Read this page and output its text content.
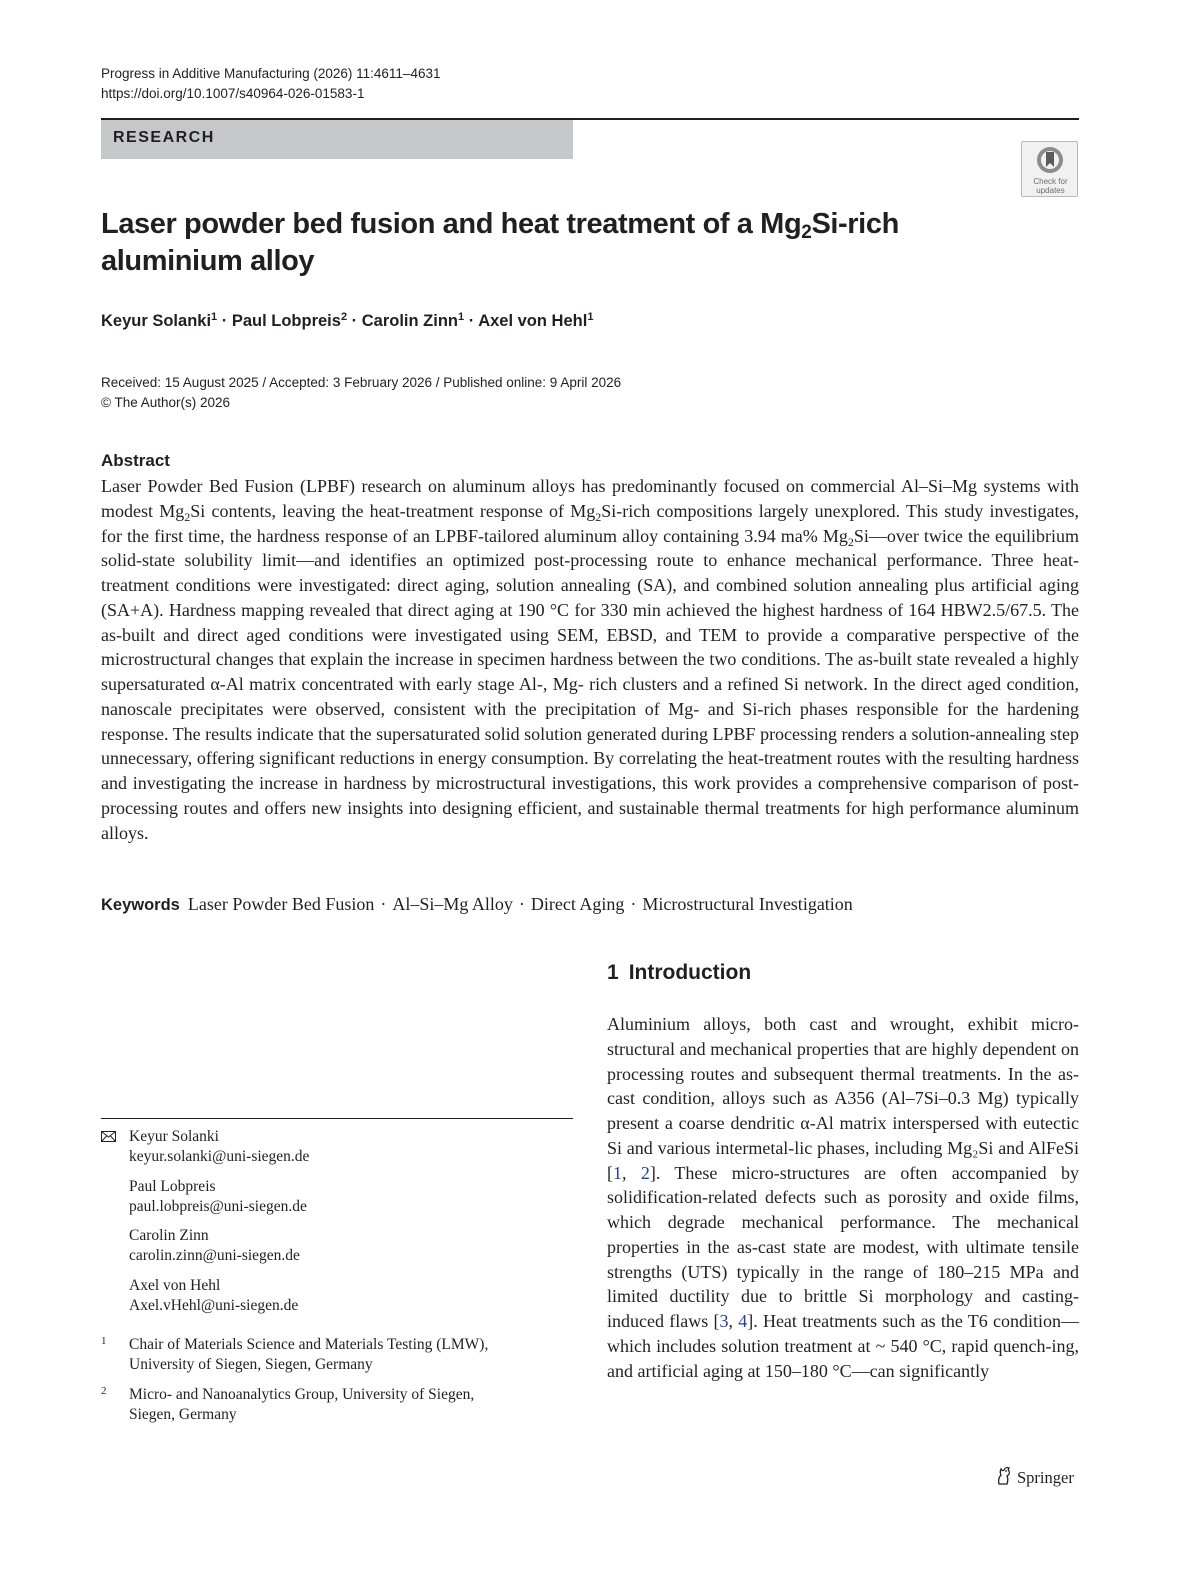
Progress in Additive Manufacturing (2026) 11:4611–4631
https://doi.org/10.1007/s40964-026-01583-1
RESEARCH
Check for
updates
Laser powder bed fusion and heat treatment of a $Mg_2Si$-rich aluminium alloy
Keyur Solanki$^1$ · Paul Lobpreis$^2$ · Carolin Zinn$^1$ · Axel von Hehl$^1$
Received: 15 August 2025 / Accepted: 3 February 2026 / Published online: 9 April 2026
© The Author(s) 2026
Abstract
Laser Powder Bed Fusion (LPBF) research on aluminum alloys has predominantly focused on commercial Al–Si–Mg systems with modest $Mg_2Si$ contents, leaving the heat-treatment response of $Mg_2Si$-rich compositions largely unexplored. This study investigates, for the first time, the hardness response of an LPBF-tailored aluminum alloy containing 3.94 ma% $Mg_2Si—over$ twice the equilibrium solid-state solubility limit—and identifies an optimized post-processing route to enhance mechanical performance. Three heat-treatment conditions were investigated: direct aging, solution annealing (SA), and combined solution annealing plus artificial aging (SA+A). Hardness mapping revealed that direct aging at 190 °C for 330 min achieved the highest hardness of 164 HBW2.5/67.5. The as-built and direct aged conditions were investigated using SEM, EBSD, and TEM to provide a comparative perspective of the microstructural changes that explain the increase in specimen hardness between the two conditions. The as-built state revealed a highly supersaturated α-Al matrix concentrated with early stage Al-, Mg- rich clusters and a refined Si network. In the direct aged condition, nanoscale precipitates were observed, consistent with the precipitation of Mg- and Si-rich phases responsible for the hardening response. The results indicate that the supersaturated solid solution generated during LPBF processing renders a solution-annealing step unnecessary, offering significant reductions in energy consumption. By correlating the heat-treatment routes with the resulting hardness and investigating the increase in hardness by microstructural investigations, this work provides a comprehensive comparison of post-processing routes and offers new insights into designing efficient, and sustainable thermal treatments for high performance aluminum alloys.
Keywords Laser Powder Bed Fusion · Al–Si–Mg Alloy · Direct Aging · Microstructural Investigation
1 Introduction
Aluminium alloys, both cast and wrought, exhibit micro-structural and mechanical properties that are highly dependent on processing routes and subsequent thermal treatments. In the as-cast condition, alloys such as A356 (Al–7Si–0.3 Mg) typically present a coarse dendritic α-Al matrix interspersed with eutectic Si and various intermetal-lic phases, including Mg₂Si and AlFeSi [1, 2]. These micro-structures are often accompanied by solidification-related defects such as porosity and oxide films, which degrade mechanical performance. The mechanical properties in the as-cast state are modest, with ultimate tensile strengths (UTS) typically in the range of 180–215 MPa and limited ductility due to brittle Si morphology and casting-induced flaws [3, 4]. Heat treatments such as the T6 condition—which includes solution treatment at ~ 540 °C, rapid quench-ing, and artificial aging at 150–180 °C—can significantly
Keyur Solanki
keyur.solanki@uni-siegen.de
Paul Lobpreis
paul.lobpreis@uni-siegen.de
Carolin Zinn
carolin.zinn@uni-siegen.de
Axel von Hehl
Axel.vHehl@uni-siegen.de
1 Chair of Materials Science and Materials Testing (LMW),
University of Siegen, Siegen, Germany
2 Micro- and Nanoanalytics Group, University of Siegen,
Siegen, Germany
Springer
